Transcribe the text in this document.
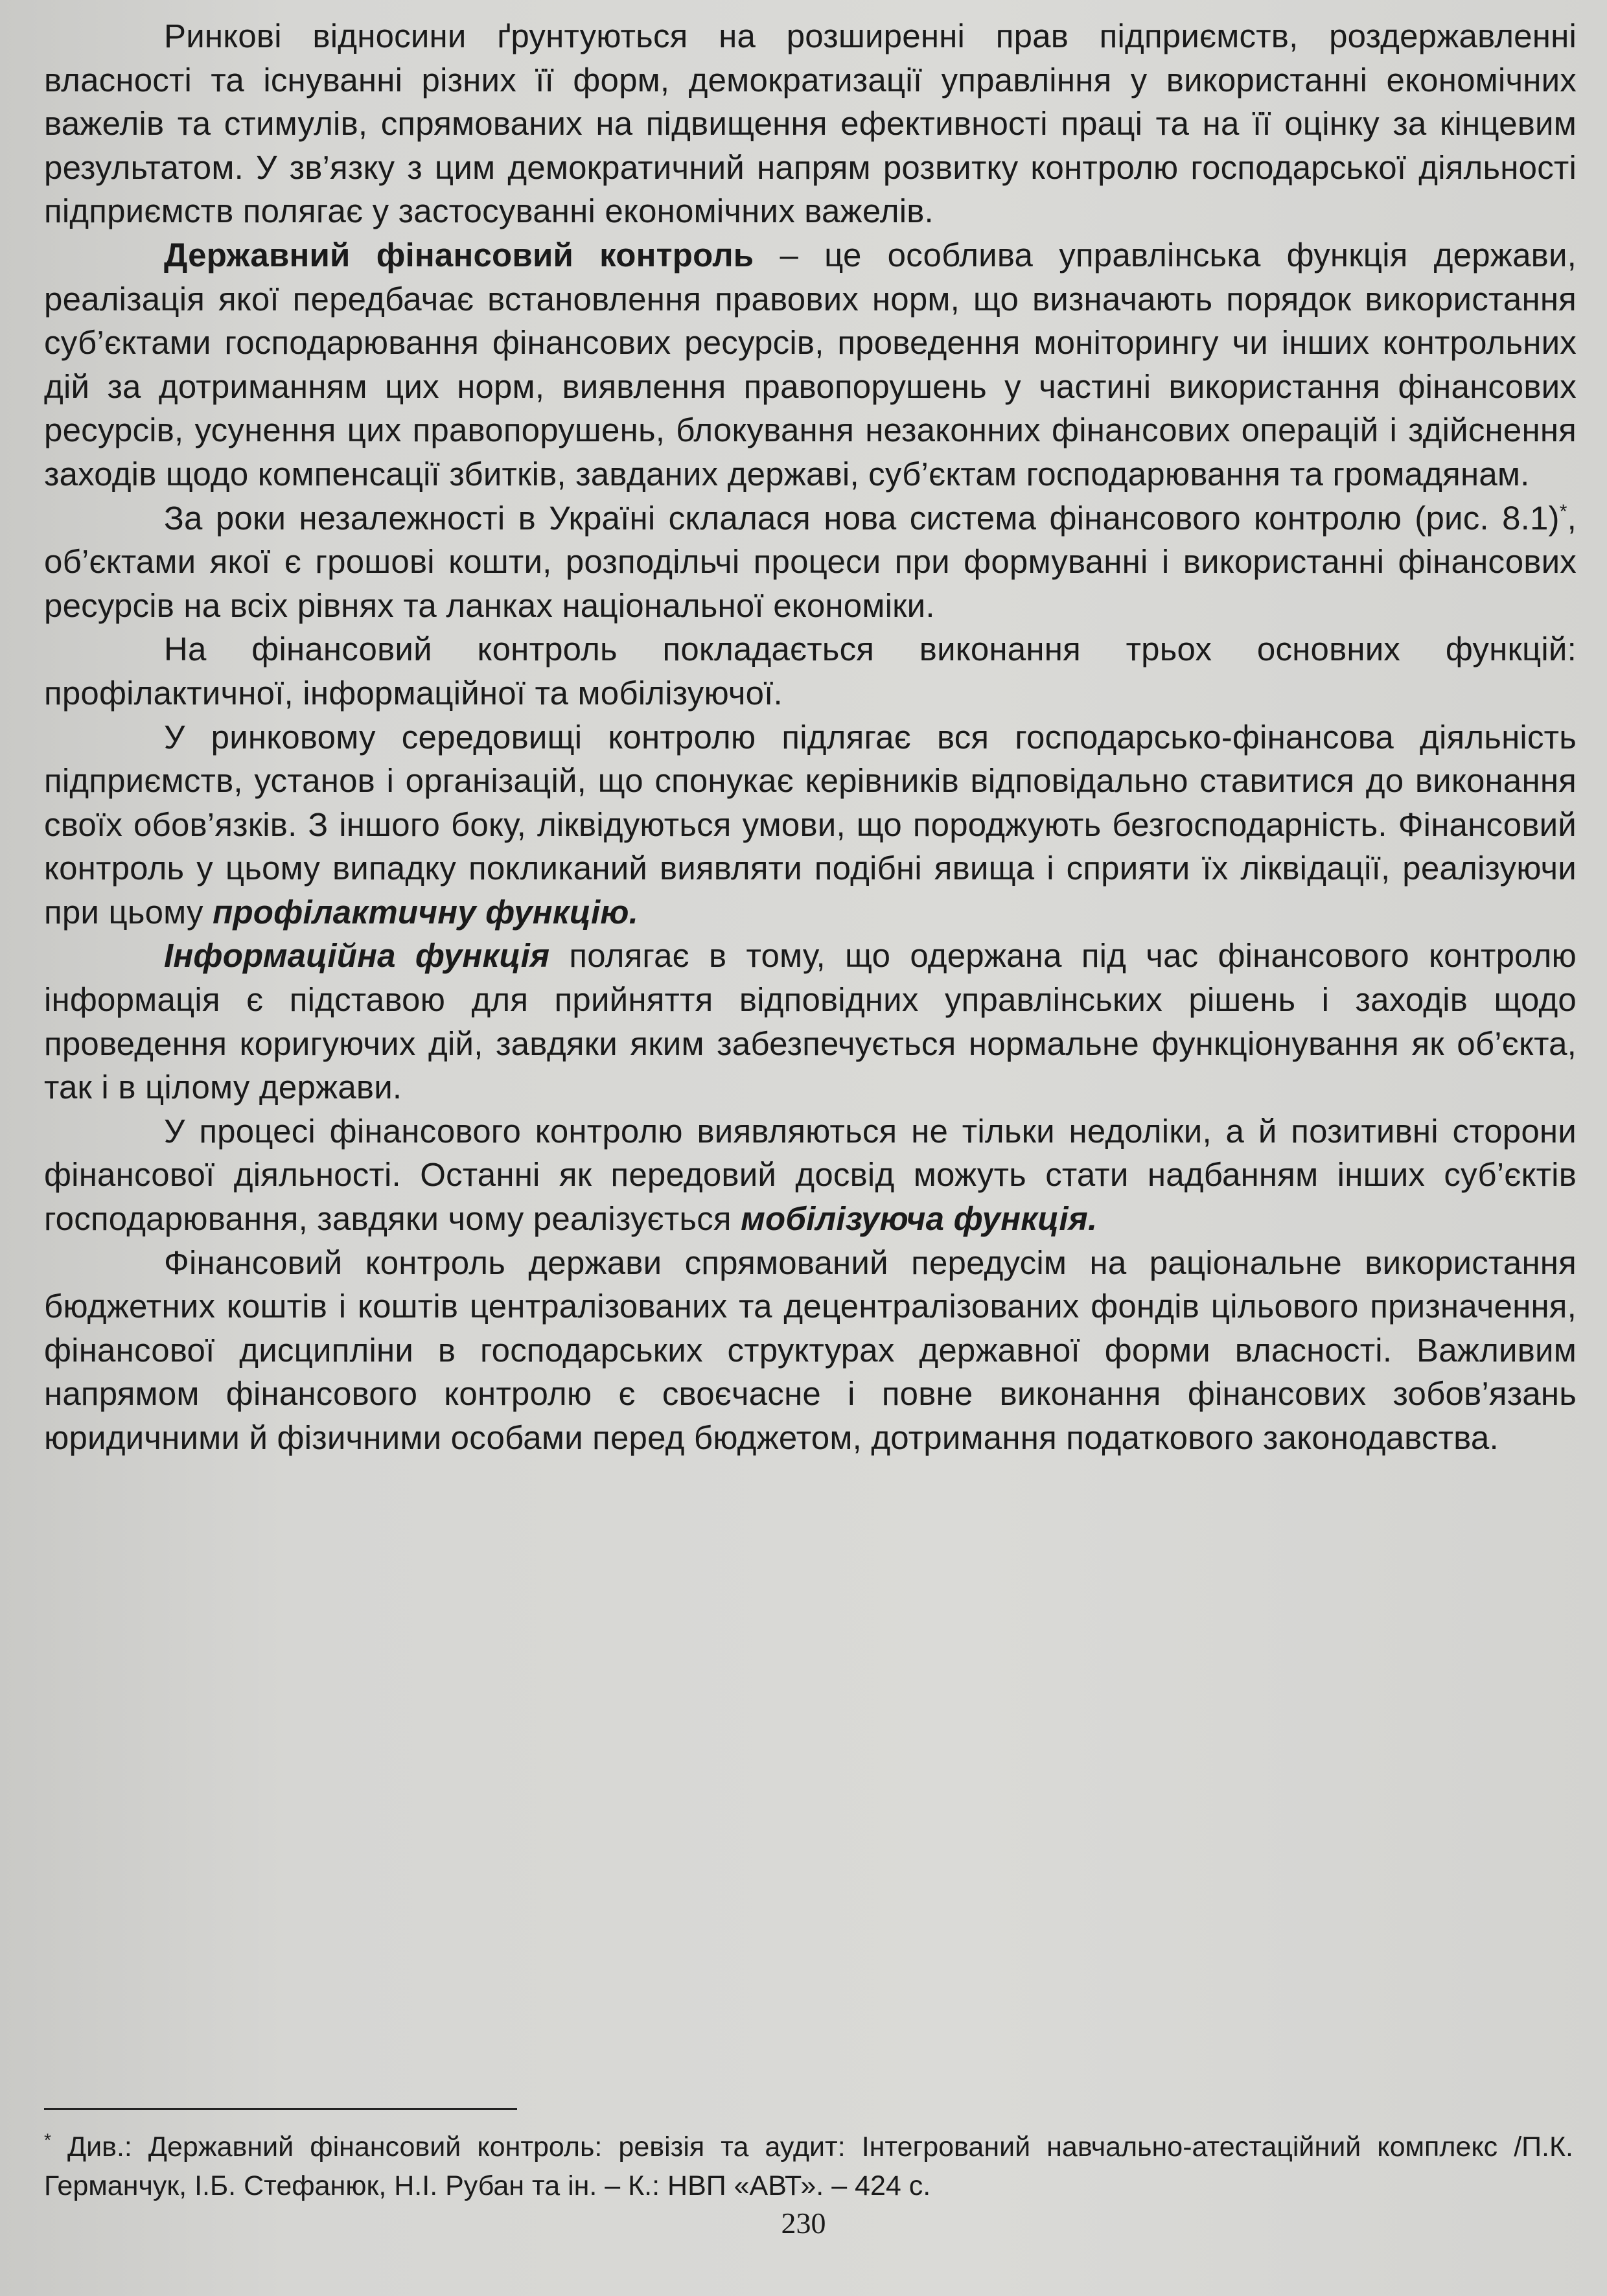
Ринкові відносини ґрунтуються на розширенні прав підприємств, роздержавленні власності та існуванні різних її форм, демократизації управління у використанні економічних важелів та стимулів, спрямованих на підвищення ефективності праці та на її оцінку за кінцевим результатом. У зв’язку з цим демократичний напрям розвитку контролю господарської діяльності підприємств полягає у застосуванні економічних важелів.

Державний фінансовий контроль – це особлива управлінська функція держави, реалізація якої передбачає встановлення правових норм, що визначають порядок використання суб’єктами господарювання фінансових ресурсів, проведення моніторингу чи інших контрольних дій за дотриманням цих норм, виявлення правопорушень у частині використання фінансових ресурсів, усунення цих правопорушень, блокування незаконних фінансових операцій і здійснення заходів щодо компенсації збитків, завданих державі, суб’єктам господарювання та громадянам.

За роки незалежності в Україні склалася нова система фінансового контролю (рис. 8.1)*, об’єктами якої є грошові кошти, розподільчі процеси при формуванні і використанні фінансових ресурсів на всіх рівнях та ланках національної економіки.

На фінансовий контроль покладається виконання трьох основних функцій: профілактичної, інформаційної та мобілізуючої.

У ринковому середовищі контролю підлягає вся господарсько-фінансова діяльність підприємств, установ і організацій, що спонукає керівників відповідально ставитися до виконання своїх обов’язків. З іншого боку, ліквідуються умови, що породжують безгосподарність. Фінансовий контроль у цьому випадку покликаний виявляти подібні явища і сприяти їх ліквідації, реалізуючи при цьому профілактичну функцію.

Інформаційна функція полягає в тому, що одержана під час фінансового контролю інформація є підставою для прийняття відповідних управлінських рішень і заходів щодо проведення коригуючих дій, завдяки яким забезпечується нормальне функціонування як об’єкта, так і в цілому держави.

У процесі фінансового контролю виявляються не тільки недоліки, а й позитивні сторони фінансової діяльності. Останні як передовий досвід можуть стати надбанням інших суб’єктів господарювання, завдяки чому реалізується мобілізуюча функція.

Фінансовий контроль держави спрямований передусім на раціональне використання бюджетних коштів і коштів централізованих та децентралізованих фондів цільового призначення, фінансової дисципліни в господарських структурах державної форми власності. Важливим напрямом фінансового контролю є своєчасне і повне виконання фінансових зобов’язань юридичними й фізичними особами перед бюджетом, дотримання податкового законодавства.

* Див.: Державний фінансовий контроль: ревізія та аудит: Інтегрований навчально-атестаційний комплекс /П.К. Германчук, І.Б. Стефанюк, Н.І. Рубан та ін. – К.: НВП «АВТ». – 424 с.

230
